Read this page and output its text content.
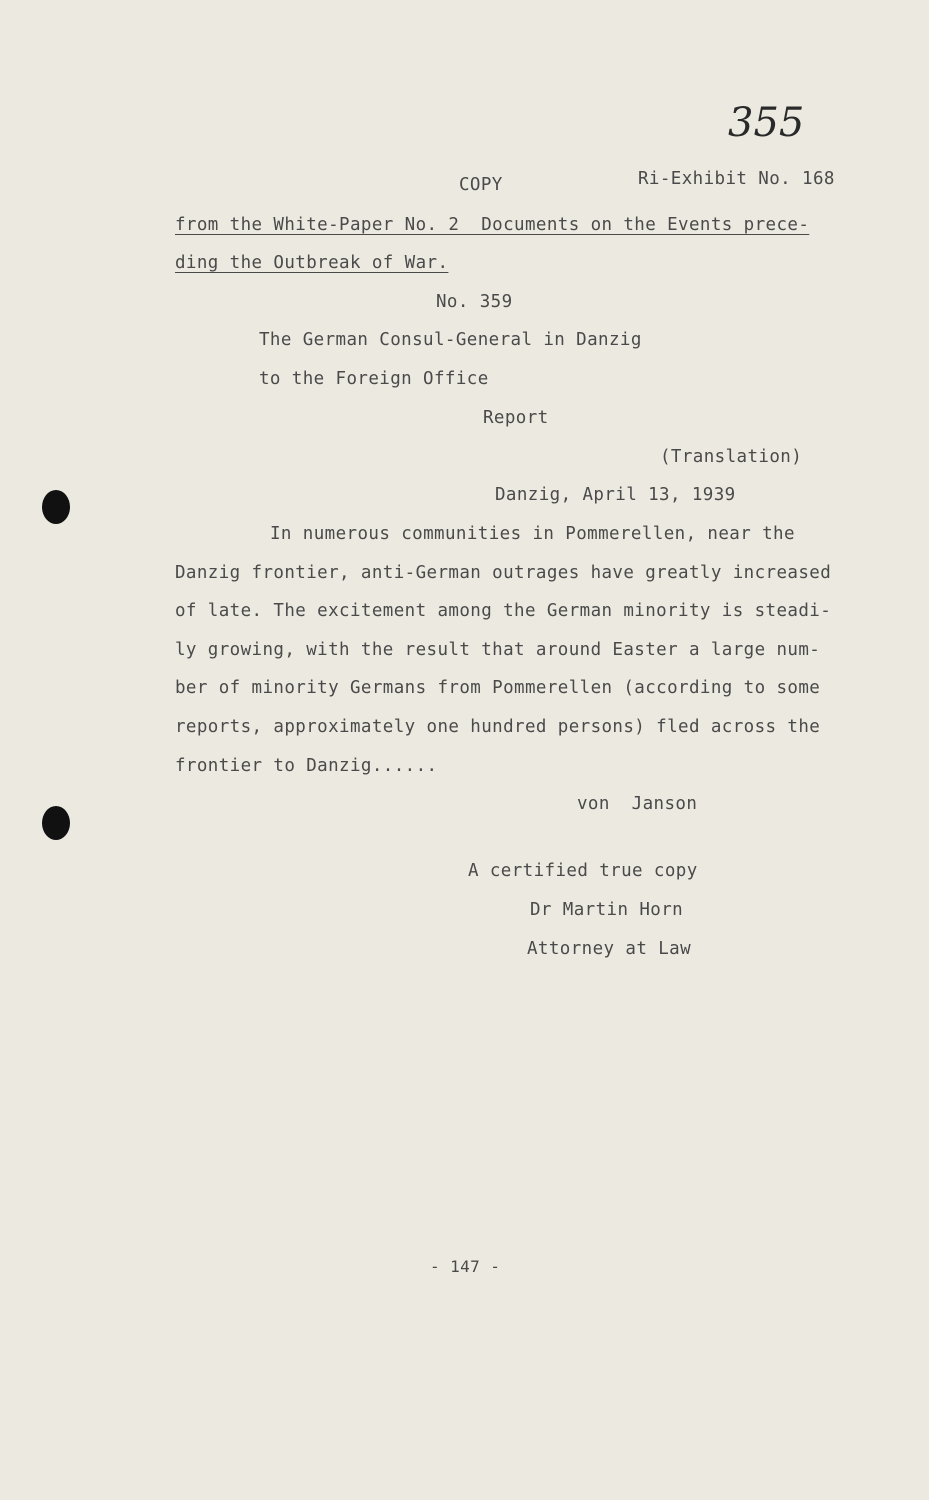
355
COPY	Ri-Exhibit No. 168
from the White-Paper No. 2  Documents on the Events prece-
ding the Outbreak of War.
No. 359
The German Consul-General in Danzig
to the Foreign Office
Report
(Translation)
Danzig, April 13, 1939
In numerous communities in Pommerellen, near the
Danzig frontier, anti-German outrages have greatly increased
of late. The excitement among the German minority is steadi-
ly growing, with the result that around Easter a large num-
ber of minority Germans from Pommerellen (according to some
reports, approximately one hundred persons) fled across the
frontier to Danzig......
von  Janson
A certified true copy
Dr Martin Horn
Attorney at Law
- 147 -
